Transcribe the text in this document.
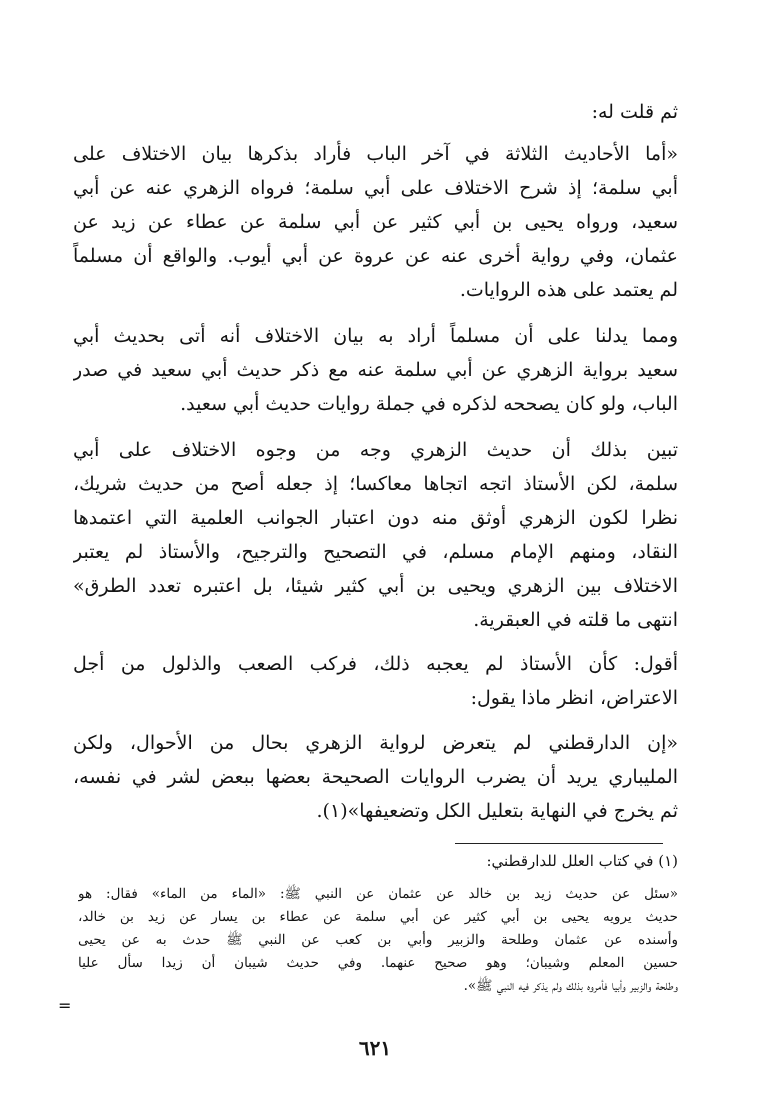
ثم قلت له:
«أما الأحاديث الثلاثة في آخر الباب فأراد بذكرها بيان الاختلاف على
أبي سلمة؛ إذ شرح الاختلاف على أبي سلمة؛ فرواه الزهري عنه عن أبي
سعيد، ورواه يحيى بن أبي كثير عن أبي سلمة عن عطاء عن زيد عن
عثمان، وفي رواية أخرى عنه عن عروة عن أبي أيوب. والواقع أن مسلماً
لم يعتمد على هذه الروايات.
ومما يدلنا على أن مسلماً أراد به بيان الاختلاف أنه أتى بحديث أبي
سعيد برواية الزهري عن أبي سلمة عنه مع ذكر حديث أبي سعيد في صدر
الباب، ولو كان يصححه لذكره في جملة روايات حديث أبي سعيد.
تبين بذلك أن حديث الزهري وجه من وجوه الاختلاف على أبي
سلمة، لكن الأستاذ اتجه اتجاها معاكسا؛ إذ جعله أصح من حديث شريك،
نظرا لكون الزهري أوثق منه دون اعتبار الجوانب العلمية التي اعتمدها
النقاد، ومنهم الإمام مسلم، في التصحيح والترجيح، والأستاذ لم يعتبر
الاختلاف بين الزهري ويحيى بن أبي كثير شيئا، بل اعتبره تعدد الطرق»
انتهى ما قلته في العبقرية.
أقول: كأن الأستاذ لم يعجبه ذلك، فركب الصعب والذلول من أجل
الاعتراض، انظر ماذا يقول:
«إن الدارقطني لم يتعرض لرواية الزهري بحال من الأحوال، ولكن
المليباري يريد أن يضرب الروايات الصحيحة بعضها ببعض لشر في نفسه،
ثم يخرج في النهاية بتعليل الكل وتضعيفها»(١).
(١) في كتاب العلل للدارقطني:
«سئل عن حديث زيد بن خالد عن عثمان عن النبي ﷺ: «الماء من الماء» فقال: هو
حديث يرويه يحيى بن أبي كثير عن أبي سلمة عن عطاء بن يسار عن زيد بن خالد،
وأسنده عن عثمان وطلحة والزبير وأبي بن كعب عن النبي ﷺ حدث به عن يحيى
حسين المعلم وشيبان؛ وهو صحيح عنهما. وفي حديث شيبان أن زيدا سأل عليا
وطلحة والزبير وأبيا فأمروه بذلك ولم يذكر فيه النبي ﷺ».
=
٦٢١
